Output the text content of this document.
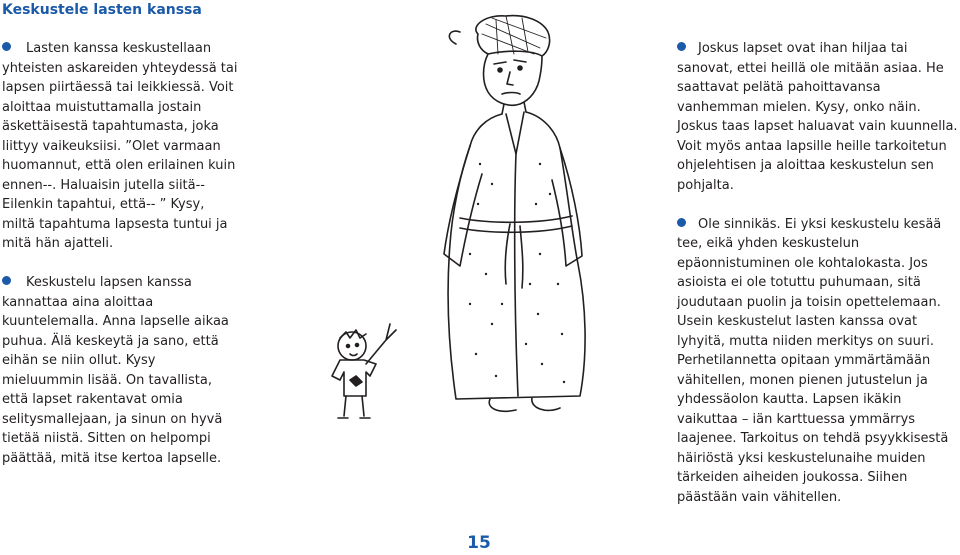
Keskustele lasten kanssa

Lasten kanssa keskustellaan yhteisten askareiden yhteydessä tai lapsen piirtäessä tai leikkiessä. Voit aloittaa muistuttamalla jostain äskettäisestä tapahtumasta, joka liittyy vaikeuksiisi. ”Olet varmaan huomannut, että olen erilainen kuin ennen--. Haluaisin jutella siitä-- Eilenkin tapahtui, että-- ” Kysy, miltä tapahtuma lapsesta tuntui ja mitä hän ajatteli.

Keskustelu lapsen kanssa kannattaa aina aloittaa kuuntelemalla. Anna lapselle aikaa puhua. Älä keskeytä ja sano, että eihän se niin ollut. Kysy mieluummin lisää. On tavallista, että lapset rakentavat omia selitysmallejaan, ja sinun on hyvä tietää niistä. Sitten on helpompi päättää, mitä itse kertoa lapselle.

Joskus lapset ovat ihan hiljaa tai sanovat, ettei heillä ole mitään asiaa. He saattavat pelätä pahoittavansa vanhemman mielen. Kysy, onko näin. Joskus taas lapset haluavat vain kuunnella. Voit myös antaa lapsille heille tarkoitetun ohjelehtisen ja aloittaa keskustelun sen pohjalta.

Ole sinnikäs. Ei yksi keskustelu kesää tee, eikä yhden keskustelun epäonnistuminen ole kohtalokasta. Jos asioista ei ole totuttu puhumaan, sitä joudutaan puolin ja toisin opettelemaan. Usein keskustelut lasten kanssa ovat lyhyitä, mutta niiden merkitys on suuri. Perhetilannetta opitaan ymmärtämään vähitellen, monen pienen jutustelun ja yhdessäolon kautta. Lapsen ikäkin vaikuttaa – iän karttuessa ymmärrys laajenee. Tarkoitus on tehdä psyykkisestä häiriöstä yksi keskustelunaihe muiden tärkeiden aiheiden joukossa. Siihen päästään vain vähitellen.

15
